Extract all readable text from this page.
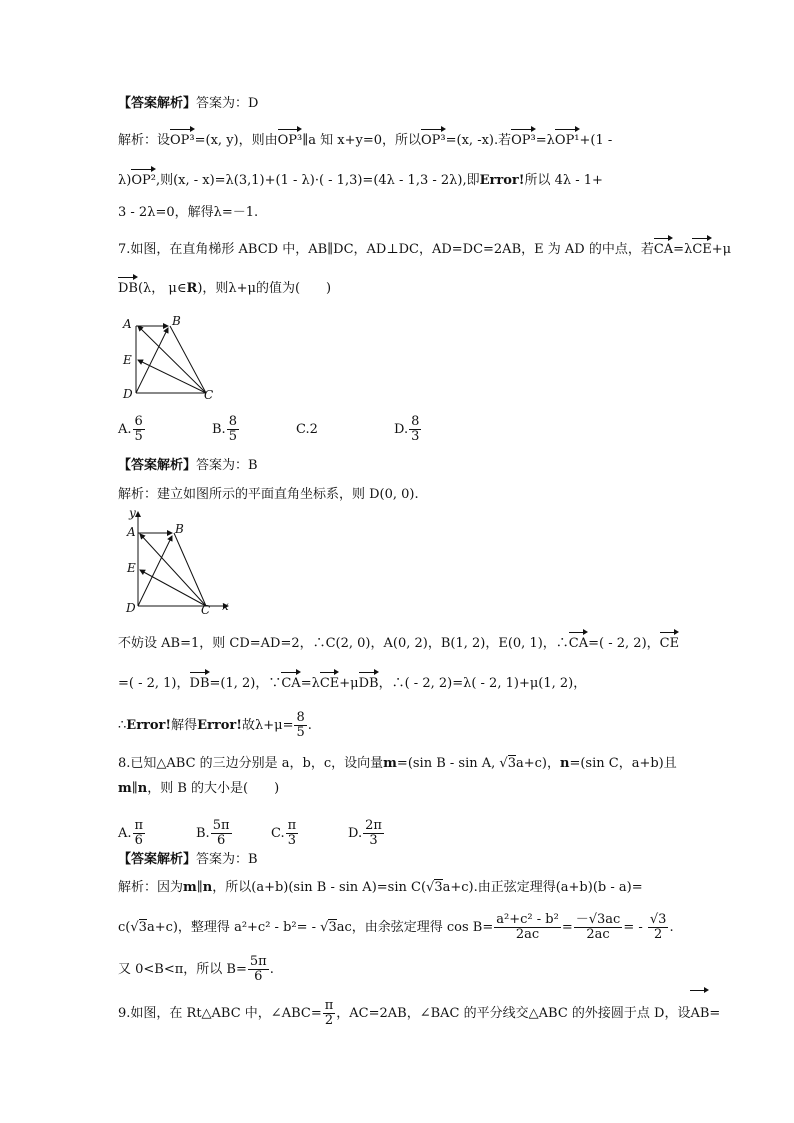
【答案解析】答案为：D
解析：设OP³=(x, y)，则由OP³∥a 知 x+y=0，所以OP³=(x, -x).若OP³=λOP¹+(1 -
λ)OP²,则(x, - x)=λ(3,1)+(1 - λ)·( - 1,3)=(4λ - 1,3 - 2λ),即Error!所以 4λ - 1+
3 - 2λ=0，解得λ=－1.
7.如图，在直角梯形 ABCD 中，AB∥DC，AD⊥DC，AD=DC=2AB，E 为 AD 的中点，若CA=λCE+μ
DB(λ， μ∈R)，则λ+μ的值为(　　)
A	B
E
D	C
A. $\frac{6}{5}$	B. $\frac{8}{5}$	C.2	D. $\frac{8}{3}$
【答案解析】答案为：B
解析：建立如图所示的平面直角坐标系，则 D(0, 0).
y
A	B
E
D	C x
不妨设 AB=1，则 CD=AD=2，∴C(2, 0)，A(0, 2)，B(1, 2)，E(0, 1)，∴CA=( - 2, 2)，CE
=( - 2, 1)，DB=(1, 2)，∵CA=λCE+μDB，∴( - 2, 2)=λ( - 2, 1)+μ(1, 2)，
∴Error!解得Error!故$\lambda+\mu= \frac{8}{5}$ .
8.已知△ABC 的三边分别是 a，b，c，设向量m=(sin B - sin A, √3a+c)，n=(sin C，a+b)且
m∥n，则 B 的大小是(　　)
A. $\frac{\pi}{6}$	B. $\frac{5\pi}{6}$	C. $\frac{\pi}{3}$	D. $\frac{2\pi}{3}$
【答案解析】答案为：B
解析：因为m∥n，所以(a+b)(sin B - sin A)=sin C(√3a+c).由正弦定理得(a+b)(b - a)=
c(√3a+c)，整理得 a²+c² - b²= - √3ac，由余弦定理得 $\cos B= \frac{\text{a²+c² - b²}}{2ac} = \frac{-√3ac}{2ac}$ = - $\frac{√3}{2}$ .
又 0<B<π，所以 $B= \frac{5\pi}{6}$ .
9.如图，在 Rt△ABC 中，∠ABC= $\frac{\pi}{2}$ ，AC=2AB，∠BAC 的平分线交△ABC 的外接圆于点 D，设AB=
